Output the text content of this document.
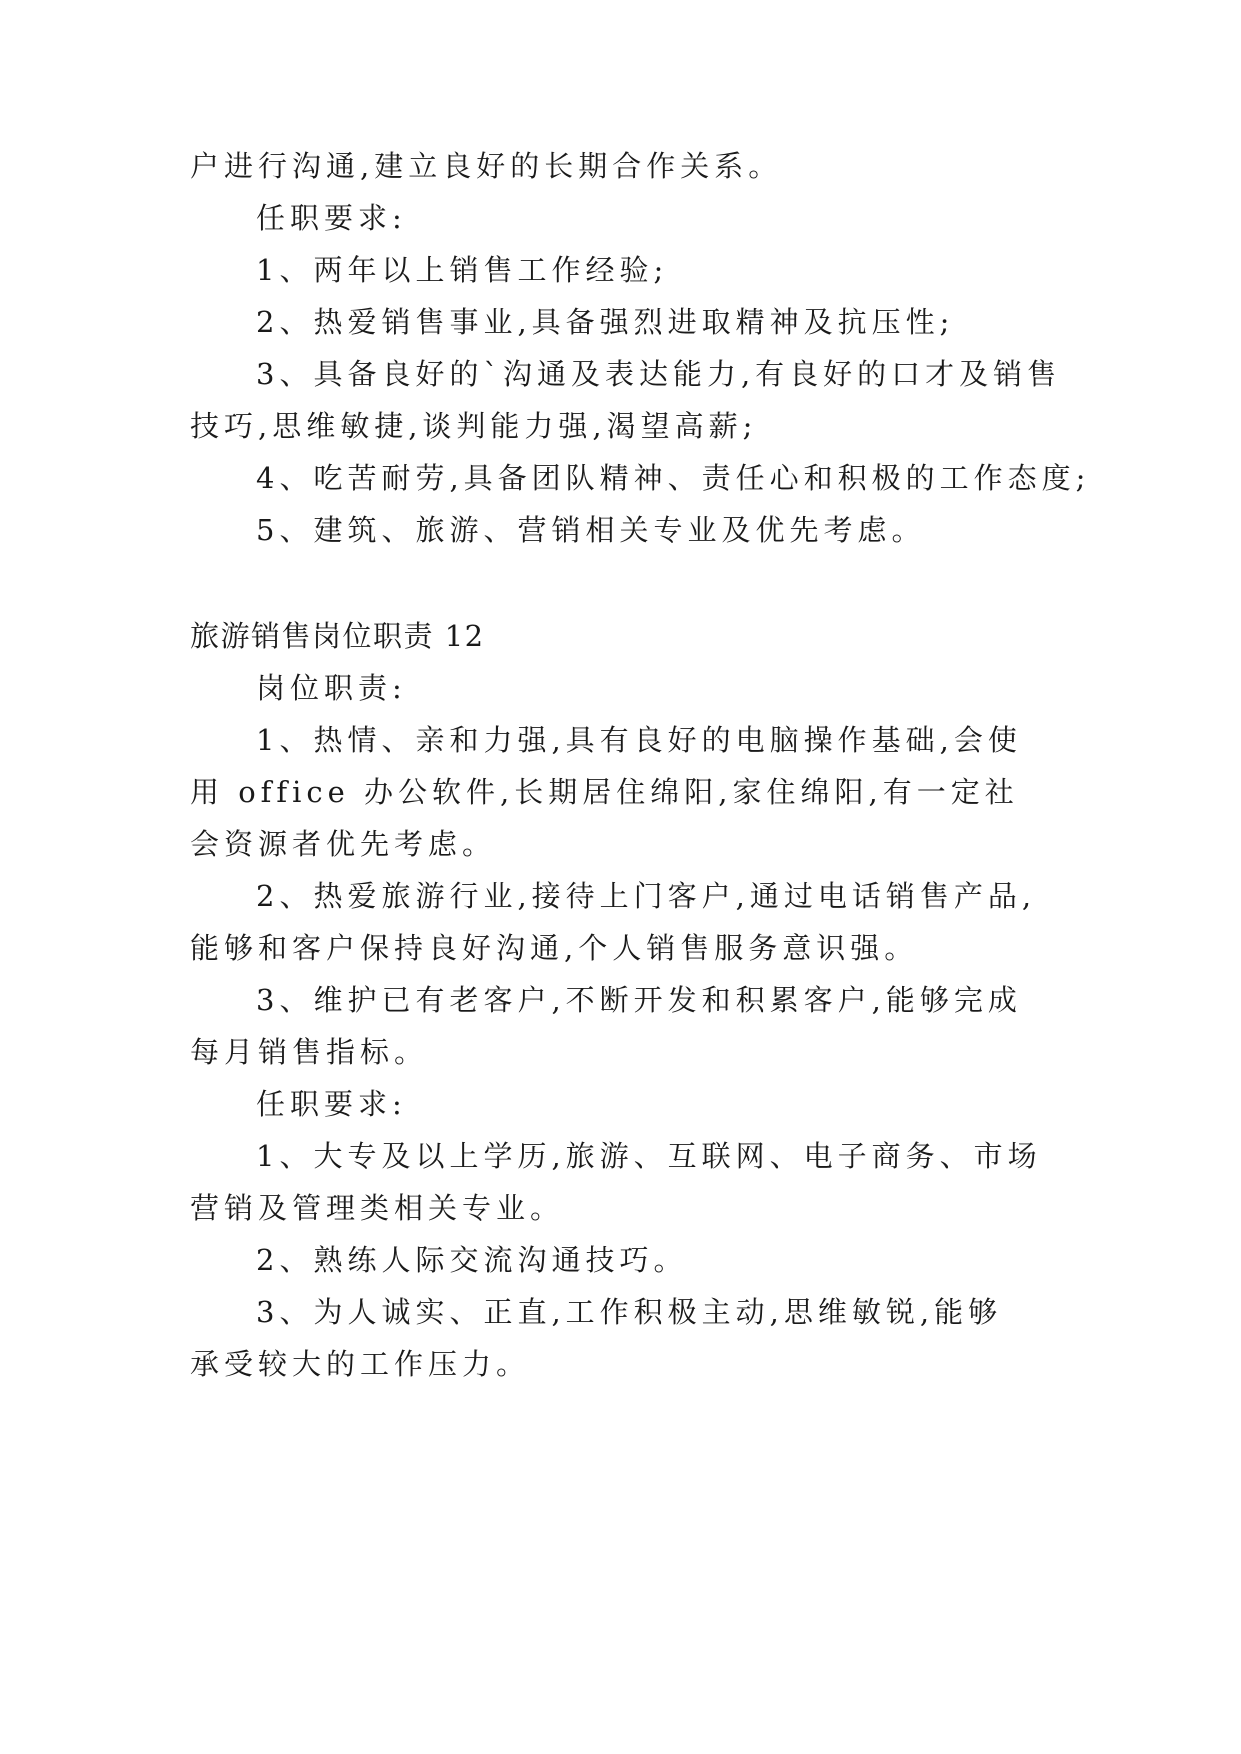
户进行沟通,建立良好的长期合作关系。
任职要求:
1、两年以上销售工作经验;
2、热爱销售事业,具备强烈进取精神及抗压性;
3、具备良好的`沟通及表达能力,有良好的口才及销售
技巧,思维敏捷,谈判能力强,渴望高薪;
4、吃苦耐劳,具备团队精神、责任心和积极的工作态度;
5、建筑、旅游、营销相关专业及优先考虑。
旅游销售岗位职责 12
岗位职责:
1、热情、亲和力强,具有良好的电脑操作基础,会使
用 office 办公软件,长期居住绵阳,家住绵阳,有一定社
会资源者优先考虑。
2、热爱旅游行业,接待上门客户,通过电话销售产品,
能够和客户保持良好沟通,个人销售服务意识强。
3、维护已有老客户,不断开发和积累客户,能够完成
每月销售指标。
任职要求:
1、大专及以上学历,旅游、互联网、电子商务、市场
营销及管理类相关专业。
2、熟练人际交流沟通技巧。
3、为人诚实、正直,工作积极主动,思维敏锐,能够
承受较大的工作压力。
